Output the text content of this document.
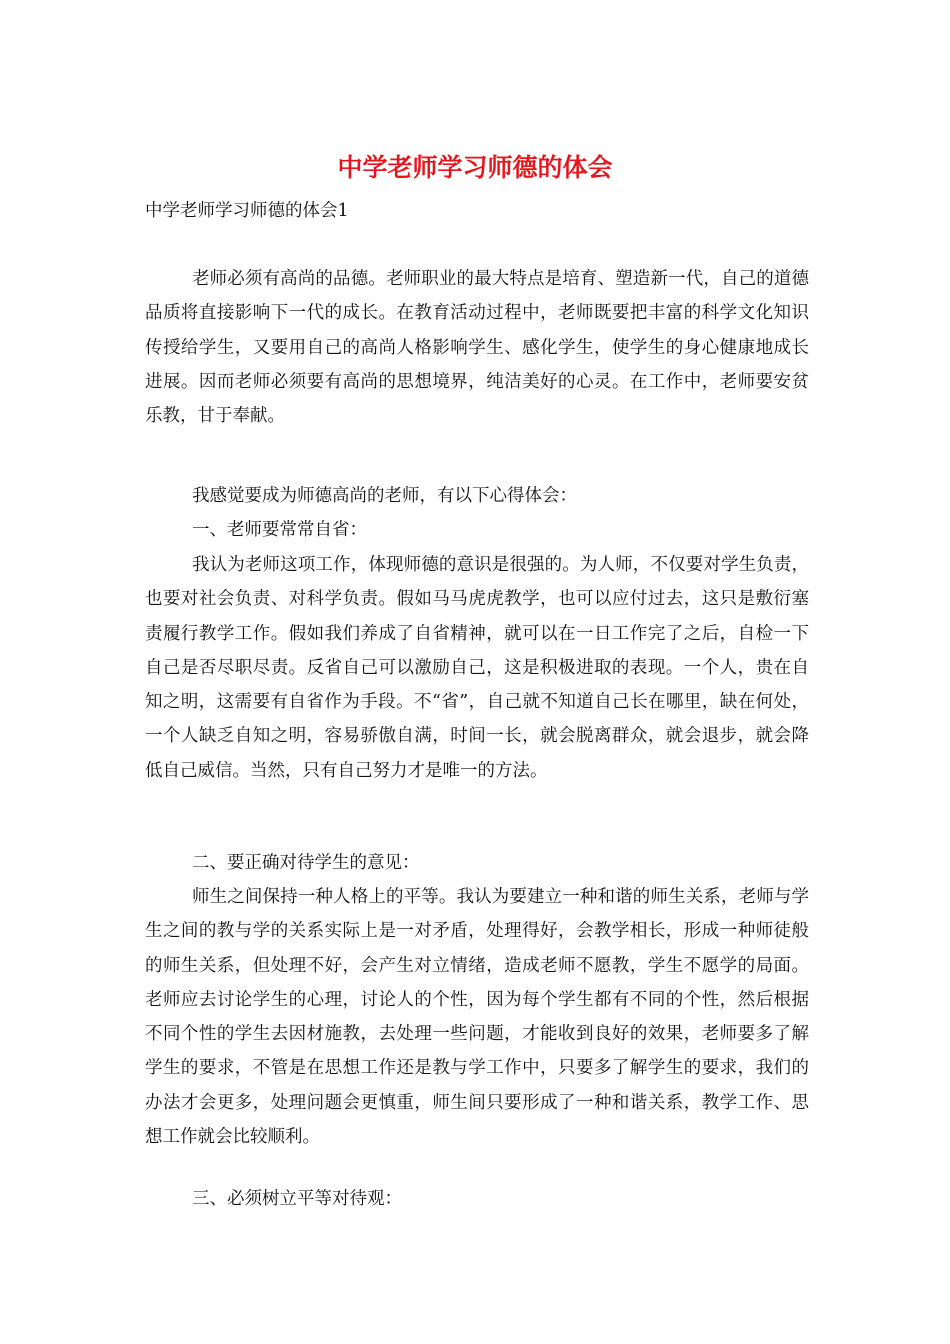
中学老师学习师德的体会

中学老师学习师德的体会1

老师必须有高尚的品德。老师职业的最大特点是培育、塑造新一代，自己的道德品质将直接影响下一代的成长。在教育活动过程中，老师既要把丰富的科学文化知识传授给学生，又要用自己的高尚人格影响学生、感化学生，使学生的身心健康地成长进展。因而老师必须要有高尚的思想境界，纯洁美好的心灵。在工作中，老师要安贫乐教，甘于奉献。

我感觉要成为师德高尚的老师，有以下心得体会：

一、老师要常常自省：

我认为老师这项工作，体现师德的意识是很强的。为人师，不仅要对学生负责，也要对社会负责、对科学负责。假如马马虎虎教学，也可以应付过去，这只是敷衍塞责履行教学工作。假如我们养成了自省精神，就可以在一日工作完了之后，自检一下自己是否尽职尽责。反省自己可以激励自己，这是积极进取的表现。一个人，贵在自知之明，这需要有自省作为手段。不“省”，自己就不知道自己长在哪里，缺在何处，一个人缺乏自知之明，容易骄傲自满，时间一长，就会脱离群众，就会退步，就会降低自己威信。当然，只有自己努力才是唯一的方法。

二、要正确对待学生的意见：

师生之间保持一种人格上的平等。我认为要建立一种和谐的师生关系，老师与学生之间的教与学的关系实际上是一对矛盾，处理得好，会教学相长，形成一种师徒般的师生关系，但处理不好，会产生对立情绪，造成老师不愿教，学生不愿学的局面。老师应去讨论学生的心理，讨论人的个性，因为每个学生都有不同的个性，然后根据不同个性的学生去因材施教，去处理一些问题，才能收到良好的效果，老师要多了解学生的要求，不管是在思想工作还是教与学工作中，只要多了解学生的要求，我们的办法才会更多，处理问题会更慎重，师生间只要形成了一种和谐关系，教学工作、思想工作就会比较顺利。

三、必须树立平等对待观：
